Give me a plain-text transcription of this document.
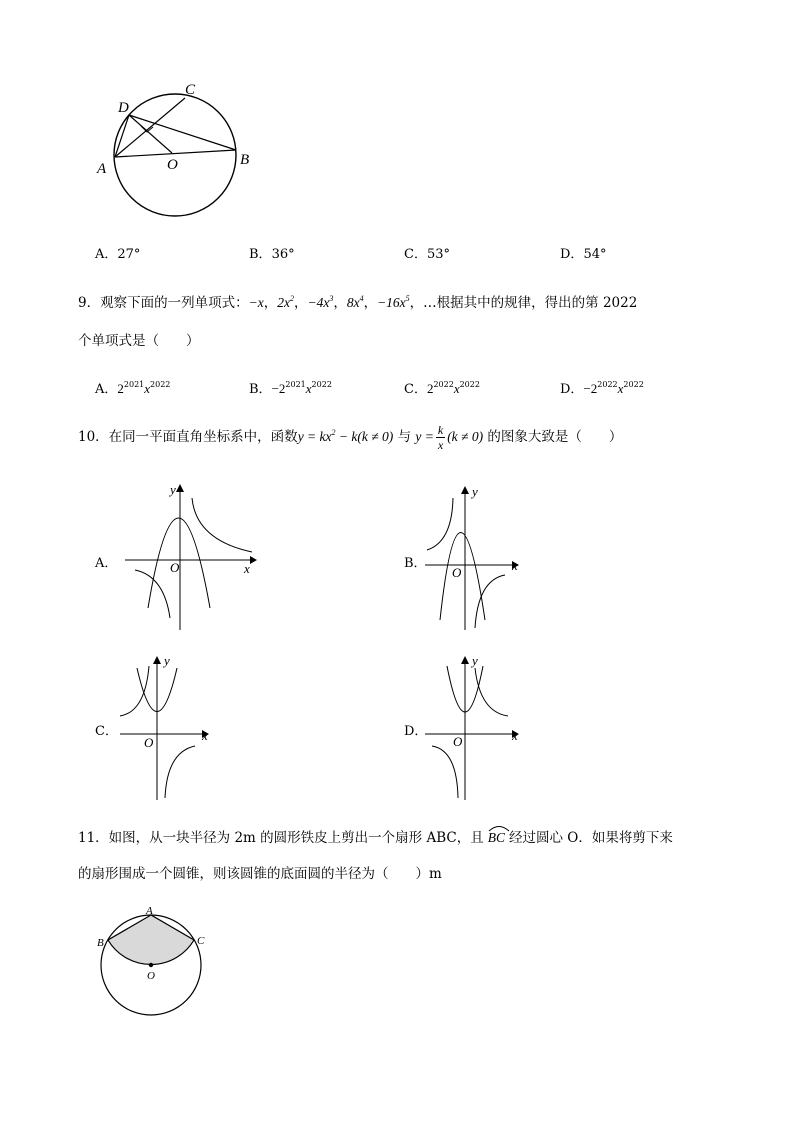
D
C
A	O	B
A．27°	B．36°	C．53°	D．54°
9．观察下面的一列单项式：−x，$2x^2$，$-4x^3$，$8x^4$，$-16x^5$，…根据其中的规律，得出的第 2022
个单项式是（　　）
A．$2^{2021}x^{2022}$	B．$-2^{2021}x^{2022}$	C．$2^{2022}x^{2022}$	D．$-2^{2022}x^{2022}$
10．在同一平面直角坐标系中，函数$y = kx^2 - k(k \ne 0)$ 与 $y = \frac{k}{x} (k \ne 0)$ 的图象大致是（　　）
A．	O	x
y
B．
O	x
y
C．
O	x
y
D．
O	x
y
11．如图，从一块半径为 2m 的圆形铁皮上剪出一个扇形 ABC，且 BC 经过圆心 O．如果将剪下来
的扇形围成一个圆锥，则该圆锥的底面圆的半径为（　　）m
A
B	C
O
